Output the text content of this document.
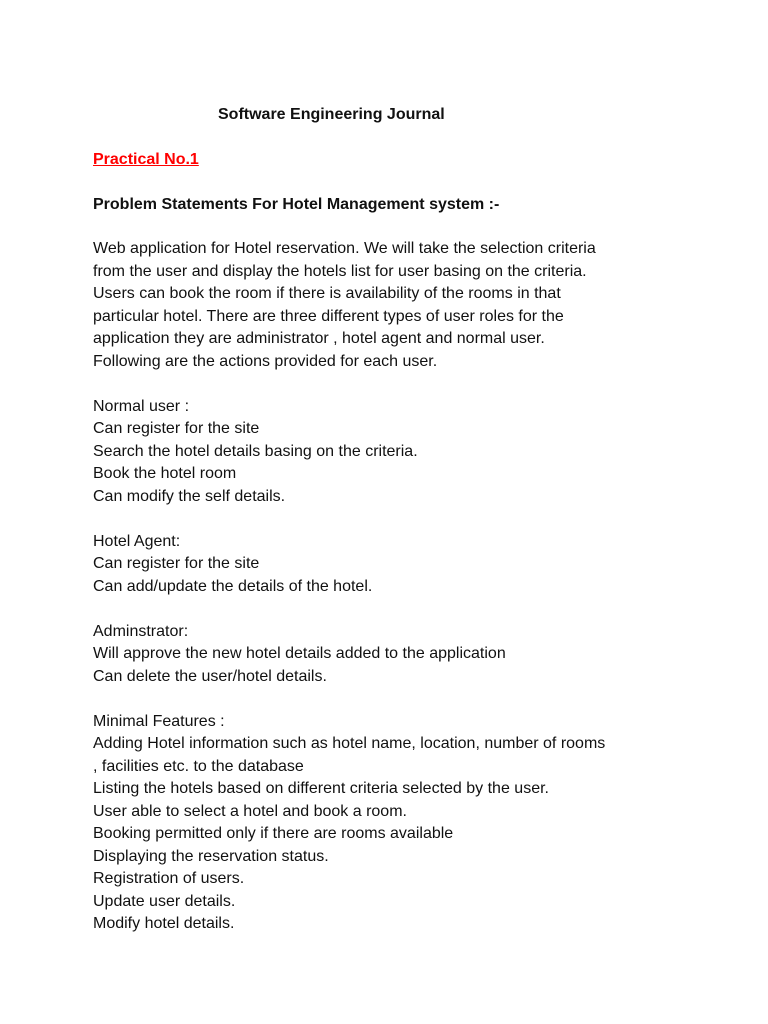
Software Engineering Journal
Practical No.1
Problem Statements For Hotel Management system :-
Web application for Hotel reservation. We will take the selection criteria
from the user and display the hotels list for user basing on the criteria.
Users can book the room if there is availability of the rooms in that
particular hotel. There are three different types of user roles for the
application they are administrator , hotel agent and normal user.
Following are the actions provided for each user.
Normal user :
Can register for the site
Search the hotel details basing on the criteria.
Book the hotel room
Can modify the self details.
Hotel Agent:
Can register for the site
Can add/update the details of the hotel.
Adminstrator:
Will approve the new hotel details added to the application
Can delete the user/hotel details.
Minimal Features :
Adding Hotel information such as hotel name, location, number of rooms
, facilities etc. to the database
Listing the hotels based on different criteria selected by the user.
User able to select a hotel and book a room.
Booking permitted only if there are rooms available
Displaying the reservation status.
Registration of users.
Update user details.
Modify hotel details.
